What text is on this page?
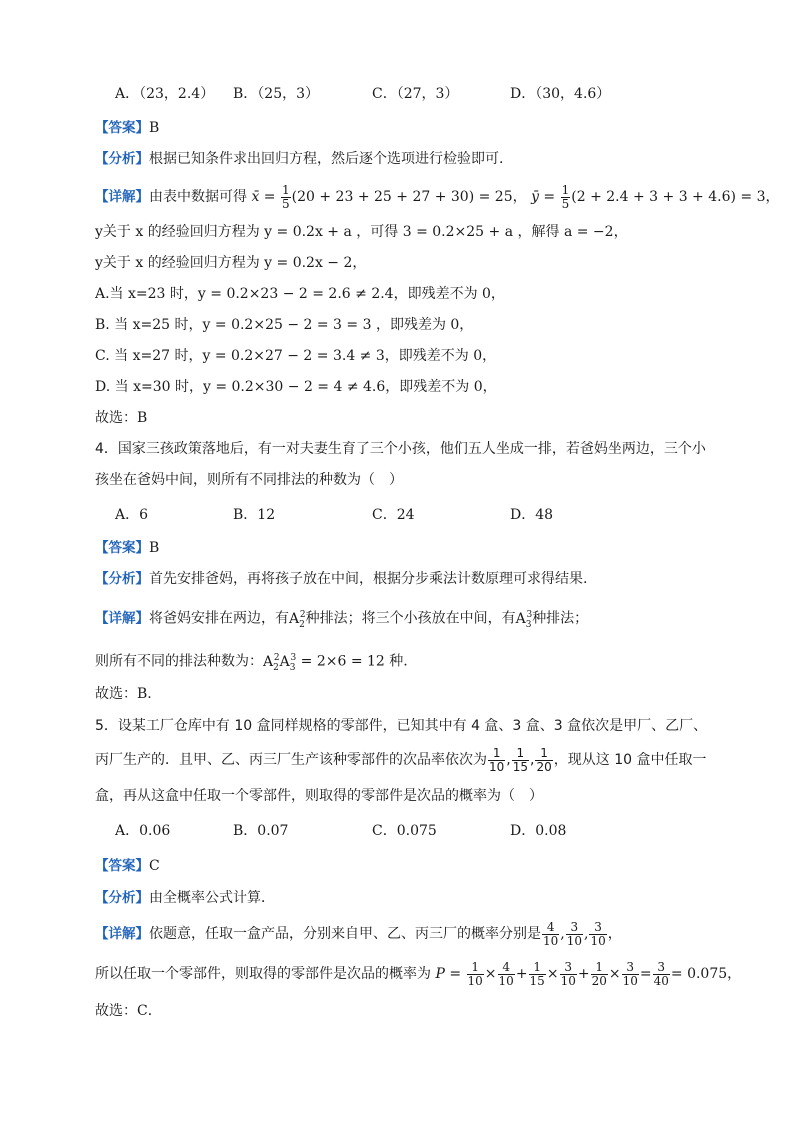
A．（23，2.4） B．（25，3）	C．（27，3）	D．（30，4.6）
【答案】B
【分析】根据已知条件求出回归方程，然后逐个选项进行检验即可.
【详解】由表中数据可得 x̄ = $\frac{1}{5} (20 + 23 + 25 + 27 + 30) = 25$， ȳ = $\frac{1}{5} (2 + 2.4 + 3 + 3 + 4.6) = 3$，
y关于 x 的经验回归方程为 y = 0.2x + a ，可得 3 = 0.2×25 + a ，解得 a = −2，
y关于 x 的经验回归方程为 y = 0.2x − 2，
A.当 x=23 时，y = 0.2×23 − 2 = 2.6 ≠ 2.4，即残差不为 0，
B. 当 x=25 时，y = 0.2×25 − 2 = 3 = 3 ，即残差为 0，
C. 当 x=27 时，y = 0.2×27 − 2 = 3.4 ≠ 3，即残差不为 0，
D. 当 x=30 时，y = 0.2×30 − 2 = 4 ≠ 4.6，即残差不为 0，
故选：B
4．国家三孩政策落地后，有一对夫妻生育了三个小孩，他们五人坐成一排，若爸妈坐两边，三个小
孩坐在爸妈中间，则所有不同排法的种数为（　）
A．6	B．12	C．24	D．48
【答案】B
【分析】首先安排爸妈，再将孩子放在中间，根据分步乘法计数原理可求得结果.
【详解】将爸妈安排在两边，有$A_2^2$种排法；将三个小孩放在中间，有$A_3^3$种排法；
则所有不同的排法种数为：$A_2^2A_3^3 = 2\times 6 = 12$ 种.
故选：B.
5．设某工厂仓库中有 10 盒同样规格的零部件，已知其中有 4 盒、3 盒、3 盒依次是甲厂、乙厂、
丙厂生产的．且甲、乙、丙三厂生产该种零部件的次品率依次为 $\frac{1}{10}$ , $\frac{1}{15}$ , $\frac{1}{20}$ ，现从这 10 盒中任取一
盒，再从这盒中任取一个零部件，则取得的零部件是次品的概率为（　）
A．0.06	B．0.07	C．0.075	D．0.08
【答案】C
【分析】由全概率公式计算．
【详解】依题意，任取一盒产品，分别来自甲、乙、丙三厂的概率分别是 $\frac{4}{10}$ , $\frac{3}{10}$ , $\frac{3}{10}$ ，
所以任取一个零部件，则取得的零部件是次品的概率为 $P = \frac{1}{10} \times \frac{4}{10} + \frac{1}{15} \times \frac{3}{10} + \frac{1}{20} \times \frac{3}{10} = \frac{3}{40} = 0.075$，
故选：C．
